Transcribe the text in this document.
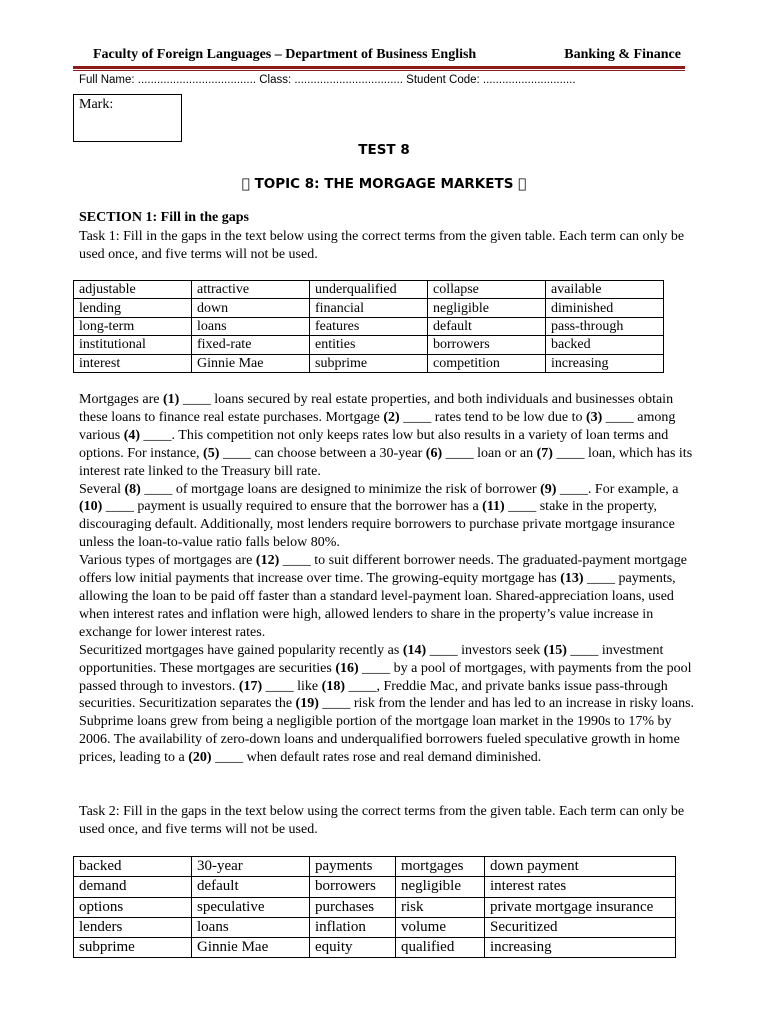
Faculty of Foreign Languages – Department of Business English	Banking & Finance
Full Name: ..................................... Class: .................................. Student Code: .............................
Mark:
TEST 8
  TOPIC 8: THE MORGAGE MARKETS  
SECTION 1: Fill in the gaps
Task 1: Fill in the gaps in the text below using the correct terms from the given table. Each term can only be used once, and five terms will not be used.
adjustable	attractive	underqualified	collapse	available
lending	down	financial	negligible	diminished
long-term	loans	features	default	pass-through
institutional	fixed-rate	entities	borrowers	backed
interest	Ginnie Mae	subprime	competition	increasing

Mortgages are (1) ____ loans secured by real estate properties, and both individuals and businesses obtain these loans to finance real estate purchases. Mortgage (2) ____ rates tend to be low due to (3) ____ among various (4) ____. This competition not only keeps rates low but also results in a variety of loan terms and options. For instance, (5) ____ can choose between a 30-year (6) ____ loan or an (7) ____ loan, which has its interest rate linked to the Treasury bill rate.

Several (8) ____ of mortgage loans are designed to minimize the risk of borrower (9) ____. For example, a (10) ____ payment is usually required to ensure that the borrower has a (11) ____ stake in the property, discouraging default. Additionally, most lenders require borrowers to purchase private mortgage insurance unless the loan-to-value ratio falls below 80%.

Various types of mortgages are (12) ____ to suit different borrower needs. The graduated-payment mortgage offers low initial payments that increase over time. The growing-equity mortgage has (13) ____ payments, allowing the loan to be paid off faster than a standard level-payment loan. Shared-appreciation loans, used when interest rates and inflation were high, allowed lenders to share in the property’s value increase in exchange for lower interest rates.

Securitized mortgages have gained popularity recently as (14) ____ investors seek (15) ____ investment opportunities. These mortgages are securities (16) ____ by a pool of mortgages, with payments from the pool passed through to investors. (17) ____ like (18) ____, Freddie Mac, and private banks issue pass-through securities. Securitization separates the (19) ____ risk from the lender and has led to an increase in risky loans.

Subprime loans grew from being a negligible portion of the mortgage loan market in the 1990s to 17% by 2006. The availability of zero-down loans and underqualified borrowers fueled speculative growth in home prices, leading to a (20) ____ when default rates rose and real demand diminished.

Task 2: Fill in the gaps in the text below using the correct terms from the given table. Each term can only be used once, and five terms will not be used.
backed	30-year	payments	mortgages	down payment
demand	default	borrowers	negligible	interest rates
options	speculative	purchases	risk	private mortgage insurance
lenders	loans	inflation	volume	Securitized
subprime	Ginnie Mae	equity	qualified	increasing
